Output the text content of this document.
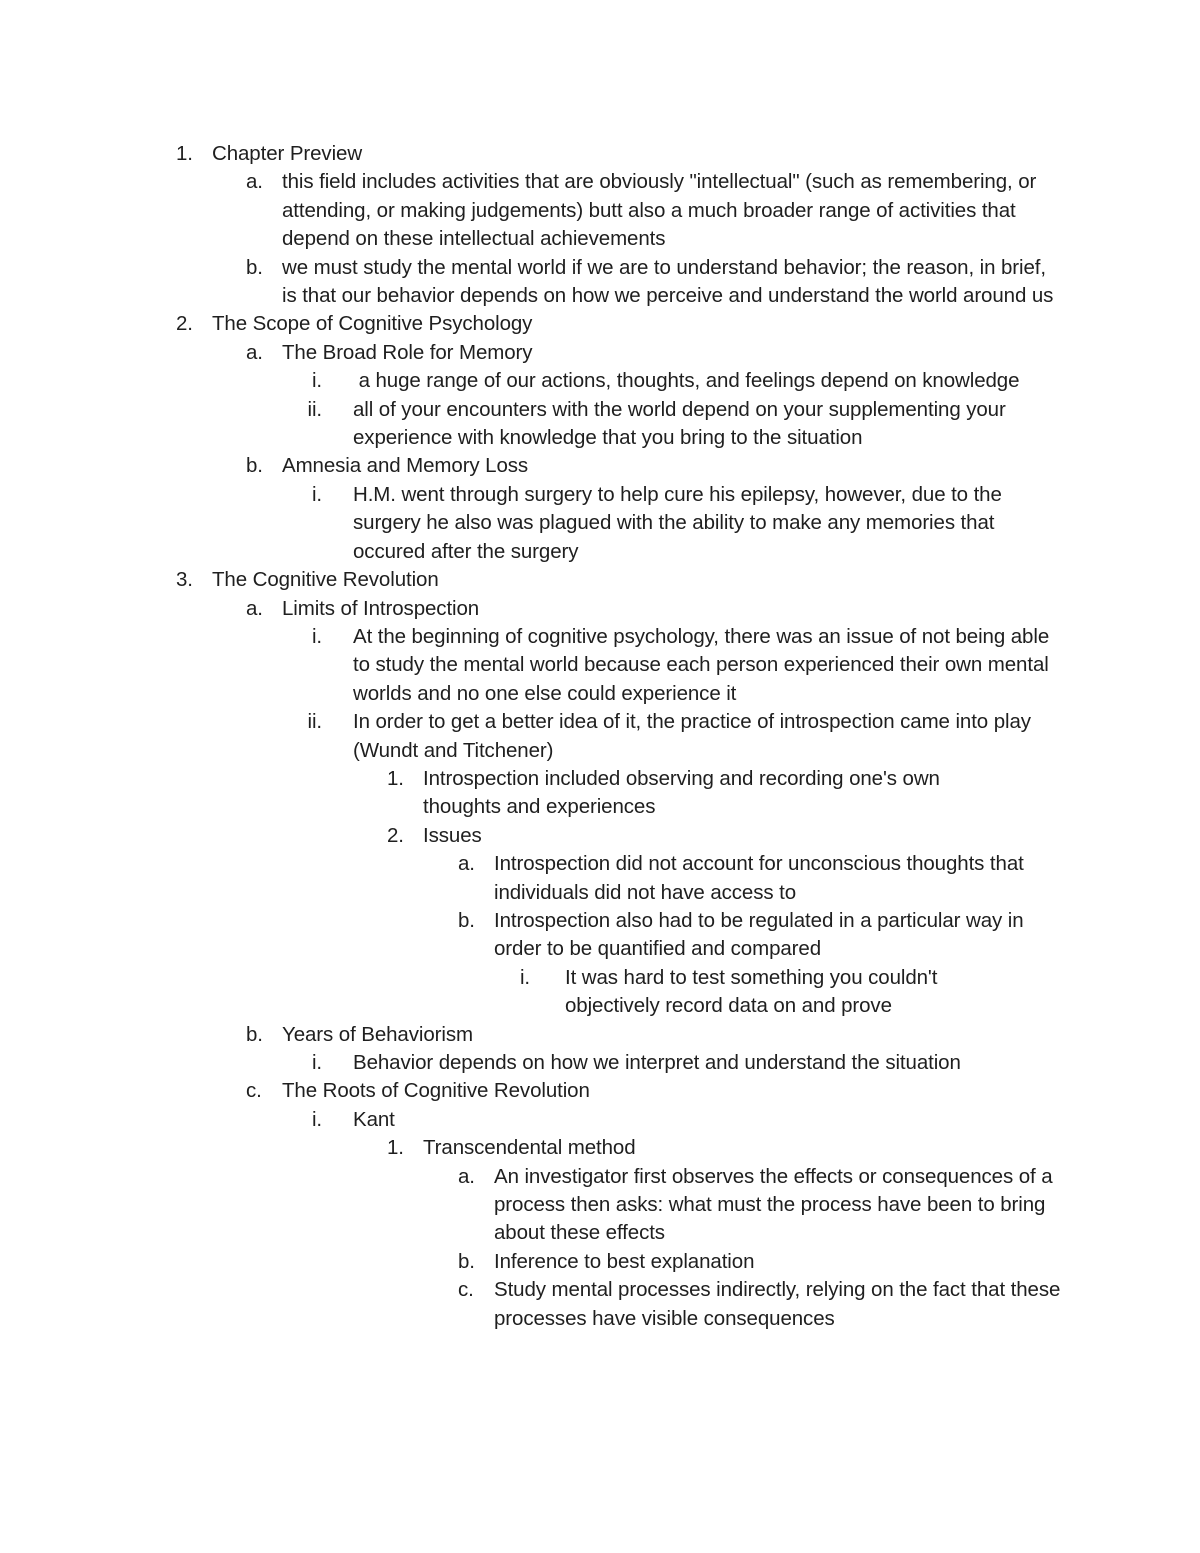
1. Chapter Preview
a. this field includes activities that are obviously "intellectual" (such as remembering, or attending, or making judgements) butt also a much broader range of activities that depend on these intellectual achievements
b. we must study the mental world if we are to understand behavior; the reason, in brief, is that our behavior depends on how we perceive and understand the world around us
2. The Scope of Cognitive Psychology
a. The Broad Role for Memory
i. a huge range of our actions, thoughts, and feelings depend on knowledge
ii. all of your encounters with the world depend on your supplementing your experience with knowledge that you bring to the situation
b. Amnesia and Memory Loss
i. H.M. went through surgery to help cure his epilepsy, however, due to the surgery he also was plagued with the ability to make any memories that occured after the surgery
3. The Cognitive Revolution
a. Limits of Introspection
i. At the beginning of cognitive psychology, there was an issue of not being able to study the mental world because each person experienced their own mental worlds and no one else could experience it
ii. In order to get a better idea of it, the practice of introspection came into play (Wundt and Titchener)
1. Introspection included observing and recording one's own thoughts and experiences
2. Issues
a. Introspection did not account for unconscious thoughts that individuals did not have access to
b. Introspection also had to be regulated in a particular way in order to be quantified and compared
i. It was hard to test something you couldn't objectively record data on and prove
b. Years of Behaviorism
i. Behavior depends on how we interpret and understand the situation
c. The Roots of Cognitive Revolution
i. Kant
1. Transcendental method
a. An investigator first observes the effects or consequences of a process then asks: what must the process have been to bring about these effects
b. Inference to best explanation
c. Study mental processes indirectly, relying on the fact that these processes have visible consequences
